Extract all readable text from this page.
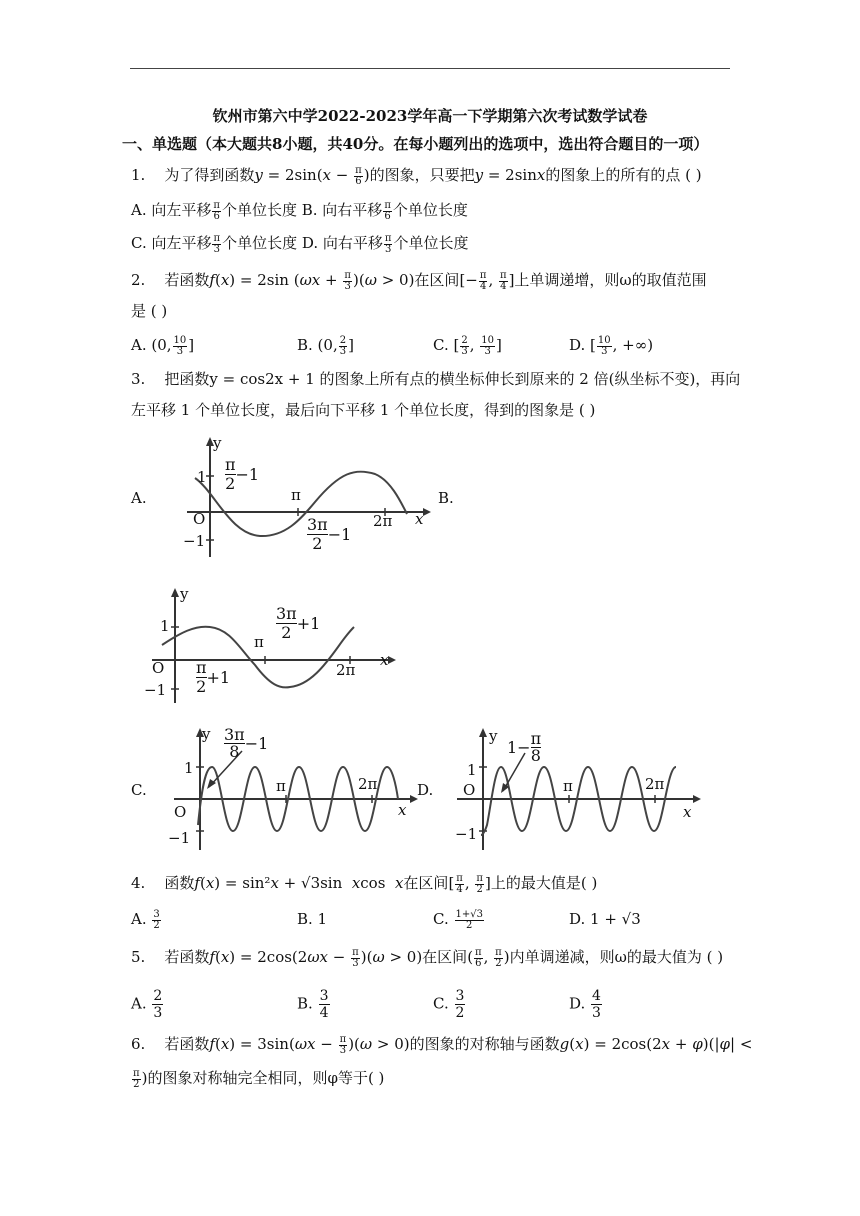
钦州市第六中学2022-2023学年高一下学期第六次考试数学试卷
一、单选题（本大题共8小题，共40分。在每小题列出的选项中，选出符合题目的一项）
1. 为了得到函数$y = 2\sin(x - \frac{\pi}{6}$ )的图象，只要把y = 2sinx的图象上的所有的点 ( )
A. 向左平移 $\frac{\pi}{6}$ 个单位长度 B. 向右平移 $\frac{\pi}{6}$ 个单位长度
C. 向左平移 $\frac{\pi}{3}$ 个单位长度 D. 向右平移 $\frac{\pi}{3}$ 个单位长度
2. 若函数f(x) = 2sin $(\omega x + \frac{\pi}{3} )(\omega > 0)$在区间[− $\frac{\pi}{4}$ , $\frac{\pi}{4}$ ]上单调递增，则ω的取值范围
是 ( )
A. (0, $\frac{10}{3}$ ]	B. (0, $\frac{2}{3}$ ]	C. [ $\frac{2}{3}$ , $\frac{10}{3}$ ]	D. [ $\frac{10}{3}$ , +∞)
3. 把函数y = cos2x + 1 的图象上所有点的横坐标伸长到原来的 2 倍(纵坐标不变)，再向
左平移 1 个单位长度，最后向下平移 1 个单位长度，得到的图象是 ( )
A.	B.
C.	D.
y
1
−1
O	x
π
2π
π
2 −1
3π
2 −1
y
1
−1
O	x
π
2π
3π
2 +1
π
2 +1
y
1
−1
O	x
π	2π
3π
8 −1	y
1
−1
O
x
π	2π
$1- \frac{\pi}{8}$
4. 函数f(x) = sin²x + √3sin  xcos  x在区间[ $\frac{\pi}{4}$ , $\frac{\pi}{2}$ ]上的最大值是( )
A. $\frac{3}{2}$	B. 1	C. $\frac{1+√3}{2}$	D. 1 + √3
5. 若函数$f(x) = 2\cos(2\omega x - \frac{\pi}{3} )(\omega > 0)$在区间( $\frac{\pi}{6}$ , $\frac{\pi}{2}$ )内单调递减，则ω的最大值为 ( )
A. $\frac{2}{3}$	B. $\frac{3}{4}$	C. $\frac{3}{2}$	D. $\frac{4}{3}$
6. 若函数$f(x) = 3\sin(\omega x - \frac{\pi}{3} )(\omega > 0)$的图象的对称轴与函数g(x) = 2cos(2x + φ)(|φ| <
$\frac{\pi}{2}$ )的图象对称轴完全相同，则φ等于( )
